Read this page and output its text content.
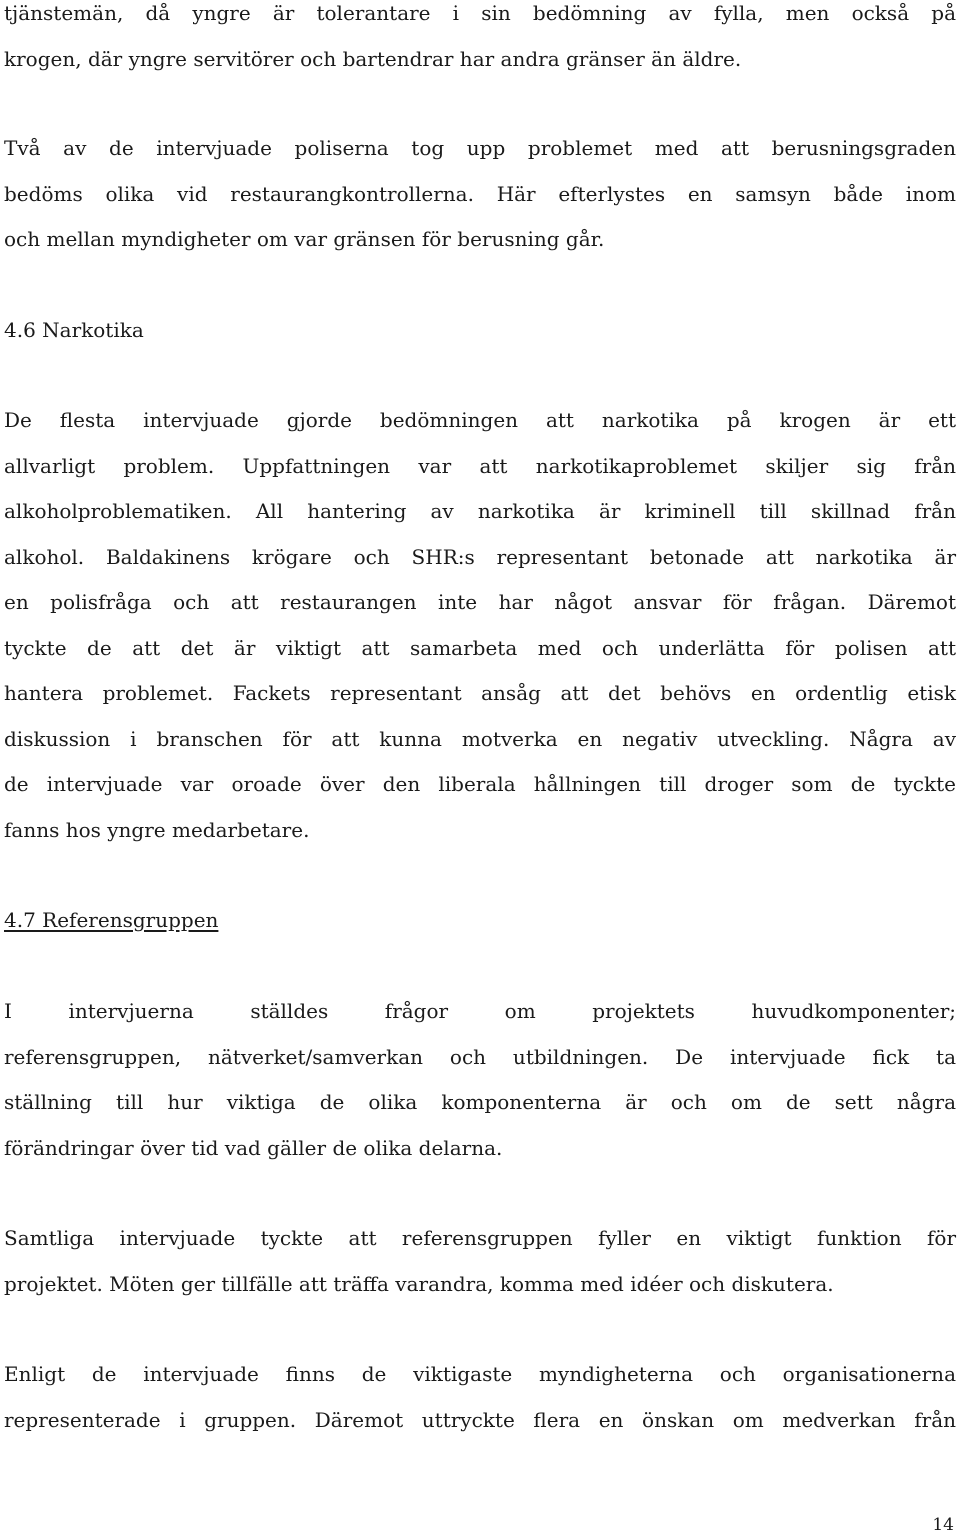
tjänstemän, då yngre är tolerantare i sin bedömning av fylla, men också på
krogen, där yngre servitörer och bartendrar har andra gränser än äldre.
Två av de intervjuade poliserna tog upp problemet med att berusningsgraden
bedöms olika vid restaurangkontrollerna. Här efterlystes en samsyn både inom
och mellan myndigheter om var gränsen för berusning går.
4.6 Narkotika
De flesta intervjuade gjorde bedömningen att narkotika på krogen är ett
allvarligt problem. Uppfattningen var att narkotikaproblemet skiljer sig från
alkoholproblematiken. All hantering av narkotika är kriminell till skillnad från
alkohol. Baldakinens krögare och SHR:s representant betonade att narkotika är
en polisfråga och att restaurangen inte har något ansvar för frågan. Däremot
tyckte de att det är viktigt att samarbeta med och underlätta för polisen att
hantera problemet. Fackets representant ansåg att det behövs en ordentlig etisk
diskussion i branschen för att kunna motverka en negativ utveckling. Några av
de intervjuade var oroade över den liberala hållningen till droger som de tyckte
fanns hos yngre medarbetare.
4.7 Referensgruppen
I intervjuerna ställdes frågor om projektets huvudkomponenter;
referensgruppen, nätverket/samverkan och utbildningen. De intervjuade fick ta
ställning till hur viktiga de olika komponenterna är och om de sett några
förändringar över tid vad gäller de olika delarna.
Samtliga intervjuade tyckte att referensgruppen fyller en viktigt funktion för
projektet. Möten ger tillfälle att träffa varandra, komma med idéer och diskutera.
Enligt de intervjuade finns de viktigaste myndigheterna och organisationerna
representerade i gruppen. Däremot uttryckte flera en önskan om medverkan från
14
